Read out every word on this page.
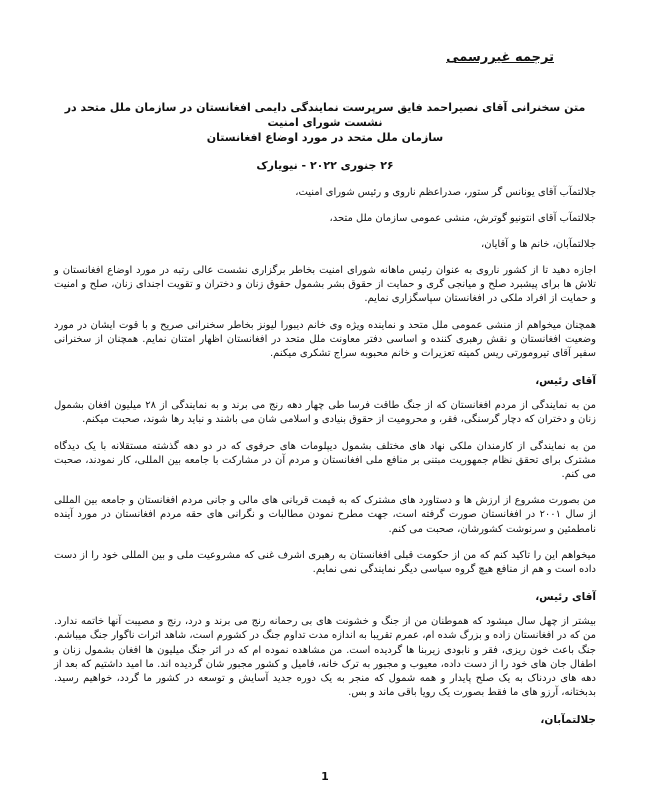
ترجمه غیررسمی
متن سخنرانی آقای نصیراحمد فایق سرپرست نمایندگی دایمی افغانستان در سازمان ملل متحد در نشست شورای امنیت
سازمان ملل متحد در مورد اوضاع افغانستان
۲۶ جنوری ۲۰۲۲ - نیویارک
جلالتمآب آقای یونانس گر ستور، صدراعظم ناروی و رئیس شورای امنیت،
جلالتمآب آقای انتونیو گوترش، منشی عمومی سازمان ملل متحد،
جلالتمآبان، خانم ها و آقایان،

اجازه دهید تا از کشور ناروی به عنوان رئیس ماهانه شورای امنیت بخاطر برگزاری نشست عالی رتبه در مورد اوضاع افغانستان و تلاش ها برای پیشبرد صلح و میانجی گری و حمایت از حقوق بشر بشمول حقوق زنان و دختران و تقویت اجندای زنان، صلح و امنیت و حمایت از افراد ملکی در افغانستان سپاسگزاری نمایم.

همچنان میخواهم از منشی عمومی ملل متحد و نماینده ویژه وی خانم دیبورا لیونز بخاطر سخنرانی صریح و با قوت ایشان در مورد وضعیت افغانستان و نقش رهبری کننده و اساسی دفتر معاونت ملل متحد در افغانستان اظهار امتنان نمایم. همچنان از سخنرانی سفیر آقای تیرومورتی ریس کمیته تعزیرات و خانم محبوبه سراج تشکری میکنم.

آقای رئیس،

من به نمایندگی از مردم افغانستان که از جنگ طاقت فرسا طی چهار دهه رنج می برند و به نمایندگی از ۲۸ میلیون افغان بشمول زنان و دختران که دچار گرسنگی، فقر، و محرومیت از حقوق بنیادی و اسلامی شان می باشند و نباید رها شوند، صحبت میکنم.

من به نمایندگی از کارمندان ملکی نهاد های مختلف بشمول دیپلومات های حرفوی که در دو دهه گذشته مستقلانه با یک دیدگاه مشترک برای تحقق نظام جمهوریت مبتنی بر منافع ملی افغانستان و مردم آن در مشارکت با جامعه بین المللی، کار نمودند، صحبت می کنم.

من بصورت مشروع از ارزش ها و دستاورد های مشترک که به قیمت قربانی های مالی و جانی مردم افغانستان و جامعه بین المللی از سال ۲۰۰۱ در افغانستان صورت گرفته است، جهت مطرح نمودن مطالبات و نگرانی های حقه مردم افغانستان در مورد آینده نامطمئین و سرنوشت کشورشان، صحبت می کنم.

میخواهم این را تاکید کنم که من از حکومت قبلی افغانستان به رهبری اشرف غنی که مشروعیت ملی و بین المللی خود را از دست داده است و هم از منافع هیچ گروه سیاسی دیگر نمایندگی نمی نمایم.

آقای رئیس،

بیشتر از چهل سال میشود که هموطنان من از جنگ و خشونت های بی رحمانه رنج می برند و درد، رنج و مصیبت آنها خاتمه ندارد. من که در افغانستان زاده و بزرگ شده ام، عمرم تقریبا به اندازه مدت تداوم جنگ در کشورم است، شاهد اثرات ناگوار جنگ میباشم. جنگ باعث خون ریزی، فقر و نابودی زیربنا ها گردیده است. من مشاهده نموده ام که در اثر جنگ میلیون ها افغان بشمول زنان و اطفال جان های خود را از دست داده، معیوب و مجبور به ترک خانه، فامیل و کشور مجبور شان گردیده اند. ما امید داشتیم که بعد از دهه های دردناک به یک صلح پایدار و همه شمول که منجر به یک دوره جدید آسایش و توسعه در کشور ما گردد، خواهیم رسید. بدبختانه، آرزو های ما فقط بصورت یک رویا باقی ماند و بس.

جلالتمآبان،
1
